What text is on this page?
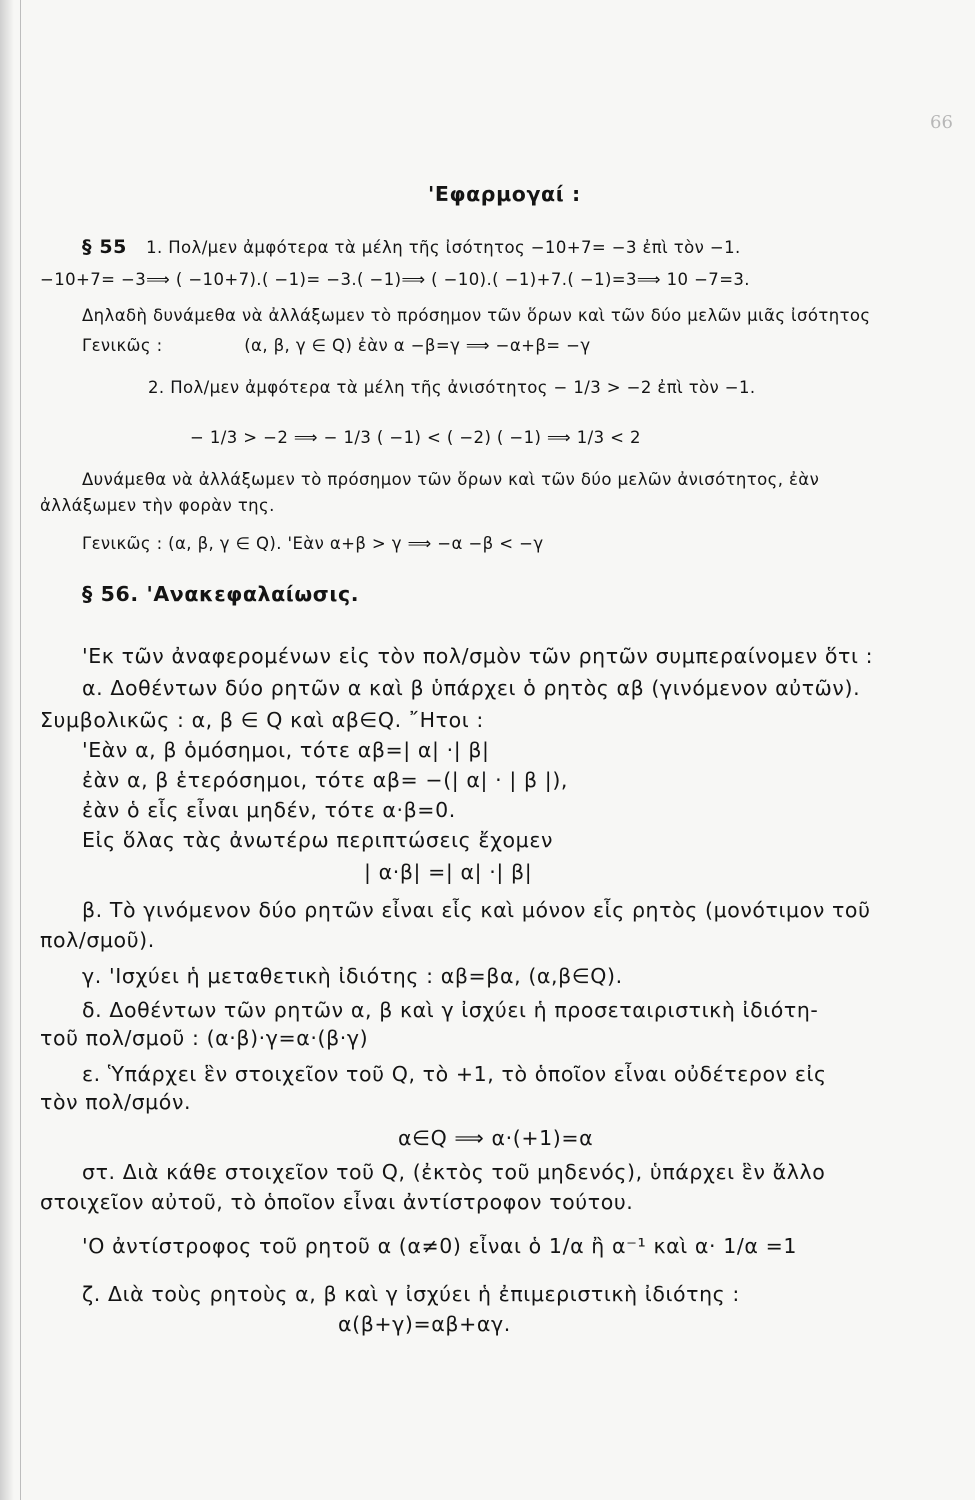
66
'Εφαρμογαί :
§ 55 1. Πολ/μεν ἀμφότερα τὰ μέλη τῆς ἰσότητος −10+7= −3 ἐπὶ τὸν −1.
−10+7= −3⟹ ( −10+7).( −1)= −3.( −1)⟹ ( −10).( −1)+7.( −1)=3⟹ 10 −7=3.
Δηλαδὴ δυνάμεθα νὰ ἀλλάξωμεν τὸ πρόσημον τῶν ὅρων καὶ τῶν δύο μελῶν μιᾶς ἰσότητος
Γενικῶς :	(α, β, γ ∈ Q) ἐὰν α −β=γ ⟹ −α+β= −γ
2. Πολ/μεν ἀμφότερα τὰ μέλη τῆς ἀνισότητος − 1/3 > −2 ἐπὶ τὸν −1.
− 1/3 > −2 ⟹ − 1/3 ( −1) < ( −2) ( −1) ⟹ 1/3 < 2
Δυνάμεθα νὰ ἀλλάξωμεν τὸ πρόσημον τῶν ὅρων καὶ τῶν δύο μελῶν ἀνισότητος, ἐὰν
ἀλλάξωμεν τὴν φορὰν της.
Γενικῶς : (α, β, γ ∈ Q). 'Εὰν α+β > γ ⟹ −α −β < −γ
§ 56. 'Ανακεφαλαίωσις.
'Εκ τῶν ἀναφερομένων εἰς τὸν πολ/σμὸν τῶν ρητῶν συμπεραίνομεν ὅτι :
α. Δοθέντων δύο ρητῶν α καὶ β ὑπάρχει ὁ ρητὸς αβ (γινόμενον αὐτῶν).
Συμβολικῶς : α, β ∈ Q καὶ αβ∈Q. ῎Ητοι :
'Εὰν α, β ὁμόσημοι, τότε αβ=| α| ·| β|
ἐὰν α, β ἑτερόσημοι, τότε αβ= −(| α| · | β |),
ἐὰν ὁ εἷς εἶναι μηδέν, τότε α·β=0.
Εἰς ὅλας τὰς ἀνωτέρω περιπτώσεις ἔχομεν
| α·β| =| α| ·| β|
β. Τὸ γινόμενον δύο ρητῶν εἶναι εἷς καὶ μόνον εἷς ρητὸς (μονότιμον τοῦ
πολ/σμοῦ).
γ. 'Ισχύει ἡ μεταθετικὴ ἰδιότης : αβ=βα, (α,β∈Q).
δ. Δοθέντων τῶν ρητῶν α, β καὶ γ ἰσχύει ἡ προσεταιριστικὴ ἰδιότη-
τοῦ πολ/σμοῦ : (α·β)·γ=α·(β·γ)
ε. Ὑπάρχει ἓν στοιχεῖον τοῦ Q, τὸ +1, τὸ ὁποῖον εἶναι οὐδέτερον εἰς
τὸν πολ/σμόν.
α∈Q ⟹ α·(+1)=α
στ. Διὰ κάθε στοιχεῖον τοῦ Q, (ἐκτὸς τοῦ μηδενός), ὑπάρχει ἓν ἄλλο
στοιχεῖον αὐτοῦ, τὸ ὁποῖον εἶναι ἀντίστροφον τούτου.
'Ο ἀντίστροφος τοῦ ρητοῦ α (α≠0) εἶναι ὁ 1/α ἢ α⁻¹ καὶ α· 1/α =1
ζ. Διὰ τοὺς ρητοὺς α, β καὶ γ ἰσχύει ἡ ἐπιμεριστικὴ ἰδιότης :
α(β+γ)=αβ+αγ.
